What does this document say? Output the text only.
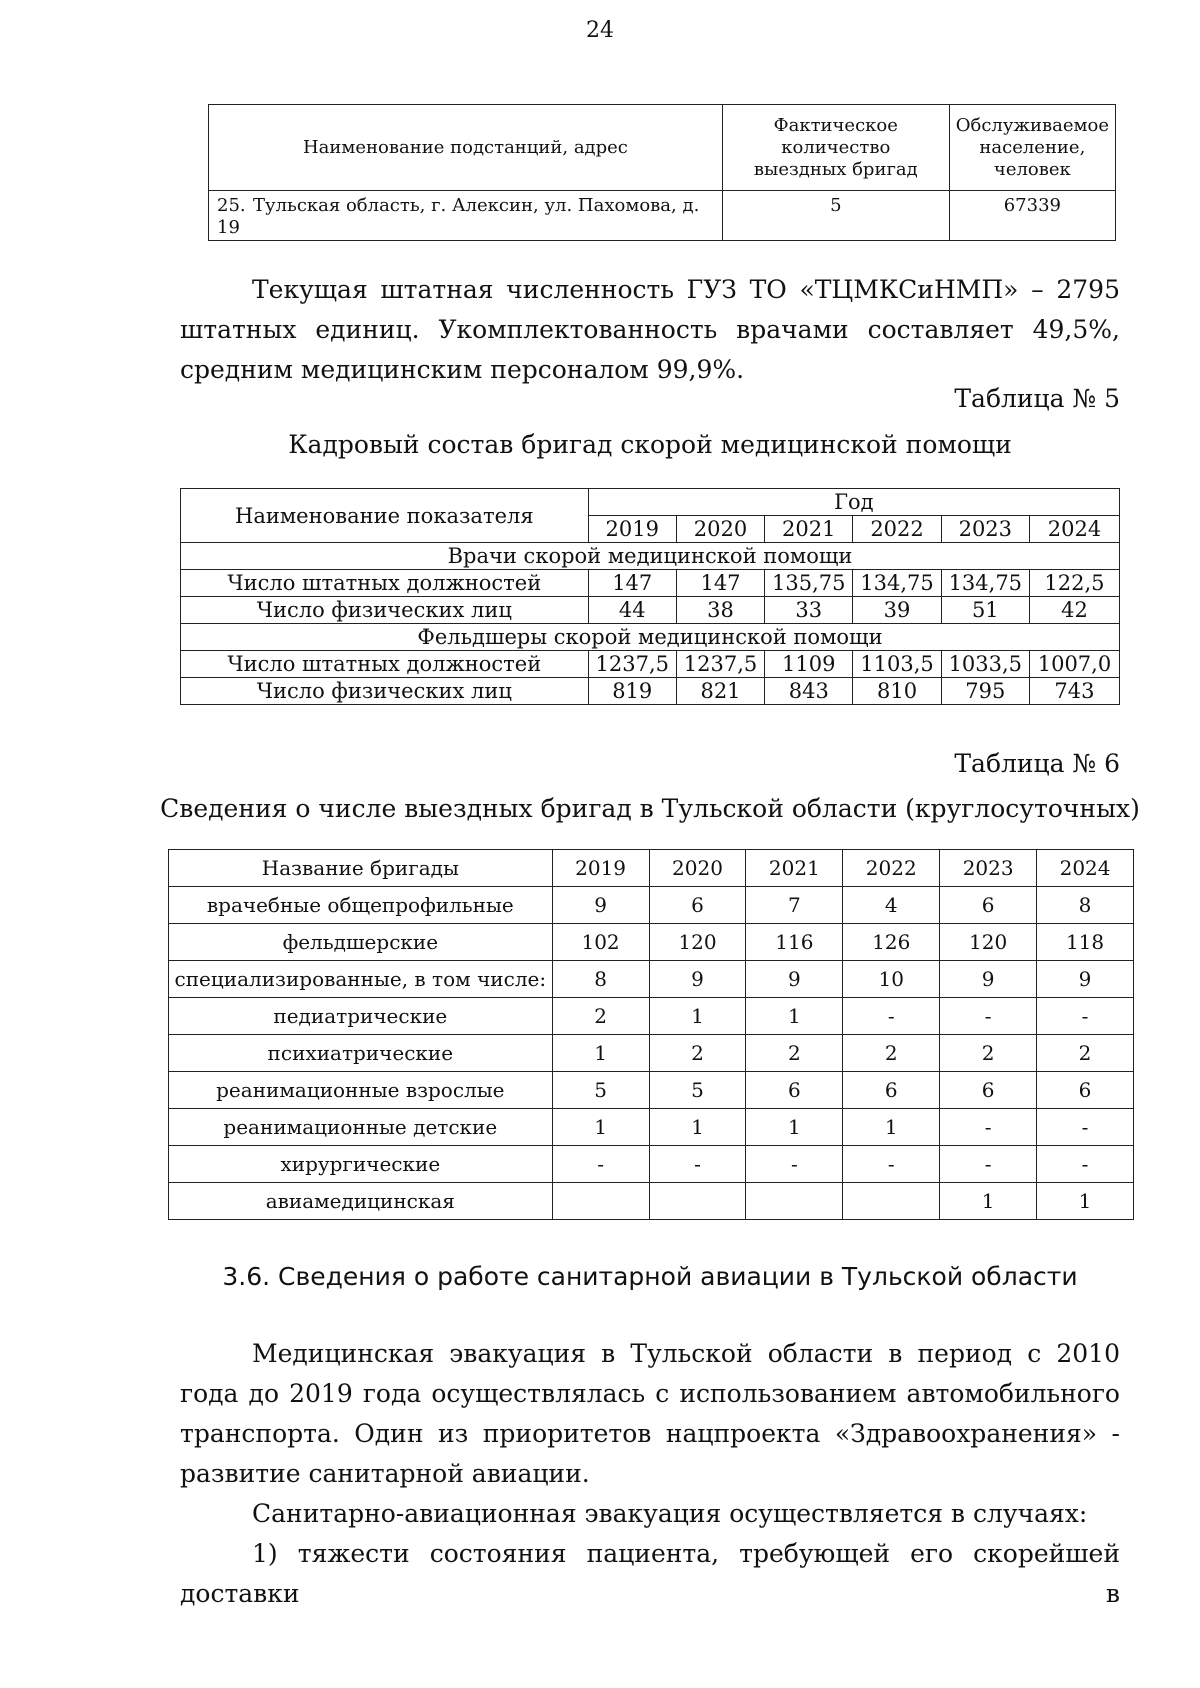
24
Наименование подстанций, адрес	Фактическое количество выездных бригад	Обслуживаемое население, человек
25. Тульская область, г. Алексин, ул. Пахомова, д. 19	5	67339
Текущая штатная численность ГУЗ ТО «ТЦМКСиНМП» – 2795 штатных единиц. Укомплектованность врачами составляет 49,5%, средним медицинским персоналом 99,9%.
Таблица № 5
Кадровый состав бригад скорой медицинской помощи
Наименование показателя	Год					
	2019	2020	2021	2022	2023	2024
Врачи скорой медицинской помощи						
Число штатных должностей	147	147	135,75	134,75	134,75	122,5
Число физических лиц	44	38	33	39	51	42
Фельдшеры скорой медицинской помощи						
Число штатных должностей	1237,5	1237,5	1109	1103,5	1033,5	1007,0
Число физических лиц	819	821	843	810	795	743
Таблица № 6
Сведения о числе выездных бригад в Тульской области (круглосуточных)
Название бригады	2019	2020	2021	2022	2023	2024
врачебные общепрофильные	9	6	7	4	6	8
фельдшерские	102	120	116	126	120	118
специализированные, в том числе:	8	9	9	10	9	9
педиатрические	2	1	1	-	-	-
психиатрические	1	2	2	2	2	2
реанимационные взрослые	5	5	6	6	6	6
реанимационные детские	1	1	1	1	-	-
хирургические	-	-	-	-	-	-
авиамедицинская					1	1
3.6. Сведения о работе санитарной авиации в Тульской области
Медицинская эвакуация в Тульской области в период с 2010 года до 2019 года осуществлялась с использованием автомобильного транспорта. Один из приоритетов нацпроекта «Здравоохранения» - развитие санитарной авиации.
Санитарно-авиационная эвакуация осуществляется в случаях:
1) тяжести состояния пациента, требующей его скорейшей доставки в
